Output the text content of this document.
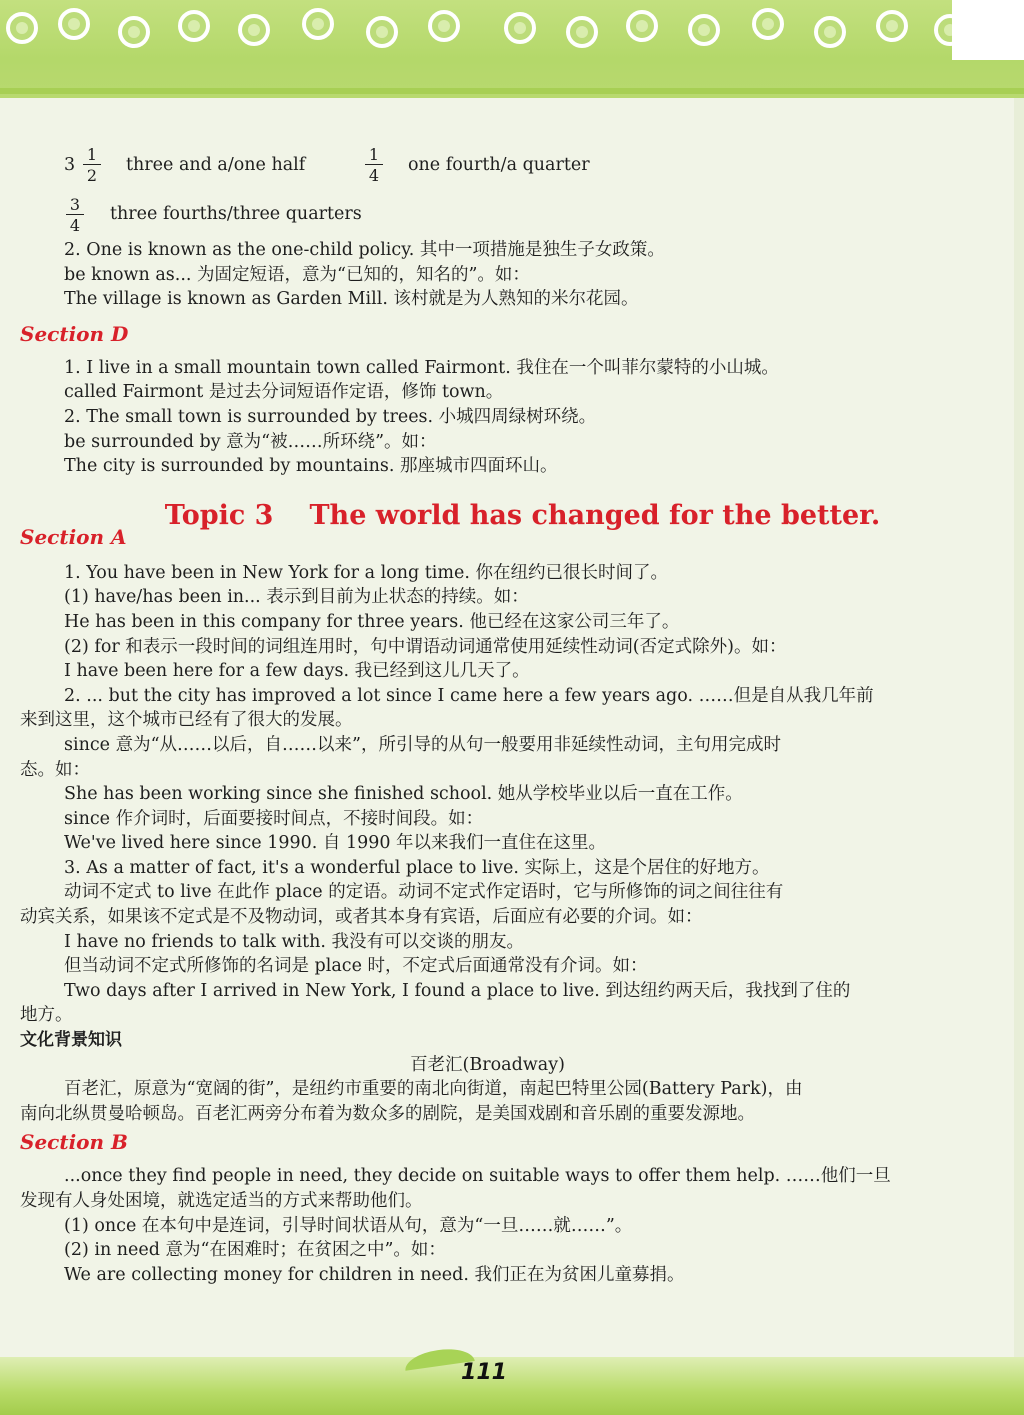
$3 \frac{1}{2}$ three and a/one half	$\frac{1}{4}$ one fourth/a quarter
$\frac{3}{4}$ three fourths/three quarters
2. One is known as the one-child policy. 其中一项措施是独生子女政策。
be known as... 为固定短语，意为“已知的，知名的”。如：
The village is known as Garden Mill. 该村就是为人熟知的米尔花园。
Section D
1. I live in a small mountain town called Fairmont. 我住在一个叫菲尔蒙特的小山城。
called Fairmont 是过去分词短语作定语，修饰 town。
2. The small town is surrounded by trees. 小城四周绿树环绕。
be surrounded by 意为“被……所环绕”。如：
The city is surrounded by mountains. 那座城市四面环山。
Topic 3 The world has changed for the better.
Section A
1. You have been in New York for a long time. 你在纽约已很长时间了。
(1) have/has been in... 表示到目前为止状态的持续。如：
He has been in this company for three years. 他已经在这家公司三年了。
(2) for 和表示一段时间的词组连用时，句中谓语动词通常使用延续性动词(否定式除外)。如：
I have been here for a few days. 我已经到这儿几天了。
2. ... but the city has improved a lot since I came here a few years ago. ……但是自从我几年前
来到这里，这个城市已经有了很大的发展。
since 意为“从……以后，自……以来”，所引导的从句一般要用非延续性动词，主句用完成时
态。如：
She has been working since she finished school. 她从学校毕业以后一直在工作。
since 作介词时，后面要接时间点，不接时间段。如：
We've lived here since 1990. 自 1990 年以来我们一直住在这里。
3. As a matter of fact, it's a wonderful place to live. 实际上，这是个居住的好地方。
动词不定式 to live 在此作 place 的定语。动词不定式作定语时，它与所修饰的词之间往往有
动宾关系，如果该不定式是不及物动词，或者其本身有宾语，后面应有必要的介词。如：
I have no friends to talk with. 我没有可以交谈的朋友。
但当动词不定式所修饰的名词是 place 时，不定式后面通常没有介词。如：
Two days after I arrived in New York, I found a place to live. 到达纽约两天后，我找到了住的
地方。
文化背景知识
百老汇(Broadway)
百老汇，原意为“宽阔的街”，是纽约市重要的南北向街道，南起巴特里公园(Battery Park)，由
南向北纵贯曼哈顿岛。百老汇两旁分布着为数众多的剧院，是美国戏剧和音乐剧的重要发源地。
Section B
...once they find people in need, they decide on suitable ways to offer them help. ……他们一旦
发现有人身处困境，就选定适当的方式来帮助他们。
(1) once 在本句中是连词，引导时间状语从句，意为“一旦……就……”。
(2) in need 意为“在困难时；在贫困之中”。如：
We are collecting money for children in need. 我们正在为贫困儿童募捐。
111
